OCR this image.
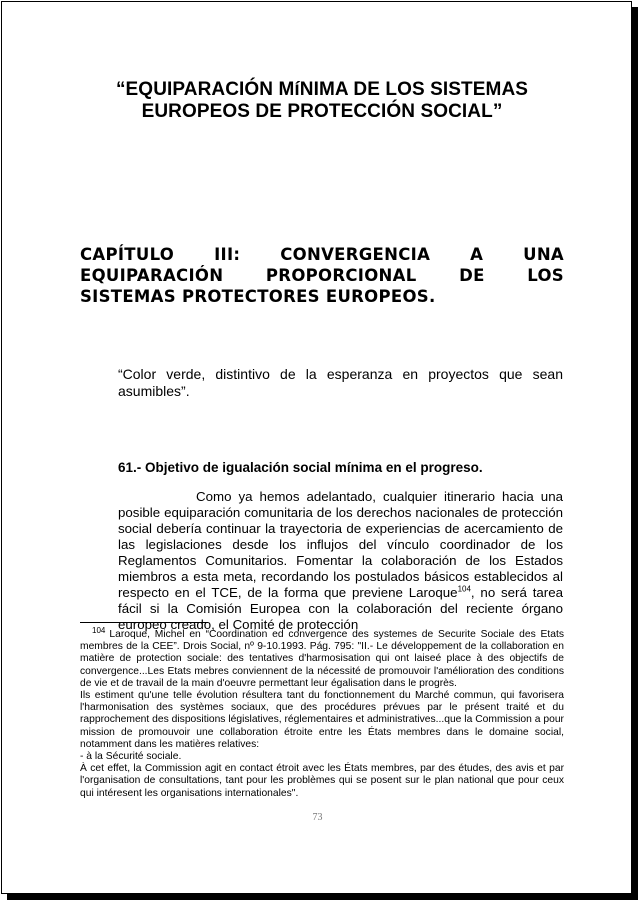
“EQUIPARACIÓN MíNIMA DE LOS SISTEMAS
EUROPEOS DE PROTECCIÓN SOCIAL”
CAPÍTULO III: CONVERGENCIA A UNA
EQUIPARACIÓN PROPORCIONAL DE LOS
SISTEMAS PROTECTORES EUROPEOS.
“Color verde, distintivo de la esperanza en proyectos que sean asumibles”.
61.- Objetivo de igualación social mínima en el progreso.
Como ya hemos adelantado, cualquier itinerario hacia una posible equiparación comunitaria de los derechos nacionales de protección social debería continuar la trayectoria de experiencias de acercamiento de las legislaciones desde los influjos del vínculo coordinador de los Reglamentos Comunitarios. Fomentar la colaboración de los Estados miembros a esta meta, recordando los postulados básicos establecidos al respecto en el TCE, de la forma que previene Laroque$^{104}$, no será tarea fácil si la Comisión Europea con la colaboración del reciente órgano europeo creado, el Comité de protección

$^{104}$ Laroque, Michel en “Coordination ed convergence des systemes de Securite Sociale des Etats membres de la CEE”. Drois Social, nº 9-10.1993. Pág. 795: "II.- Le développement de la collaboration en matière de protection sociale: des tentatives d'harmosisation qui ont laiseé place à des objectifs de convergence...Les Etats mebres conviennent de la nécessité de promouvoir l'amélioration des conditions de vie et de travail de la main d'oeuvre permettant leur égalisation dans le progrès.

Ils estiment qu'une telle évolution résultera tant du fonctionnement du Marché commun, qui favorisera l'harmonisation des systèmes sociaux, que des procédures prévues par le présent traité et du rapprochement des dispositions législatives, réglementaires et administratives...que la Commission a pour mission de promouvoir une collaboration étroite entre les États membres dans le domaine social, notamment dans les matières relatives:

- à la Sécurité sociale.

À cet effet, la Commission agit en contact étroit avec les États membres, par des études, des avis et par l'organisation de consultations, tant pour les problèmes qui se posent sur le plan national que pour ceux qui intéresent les organisations internationales".

73
